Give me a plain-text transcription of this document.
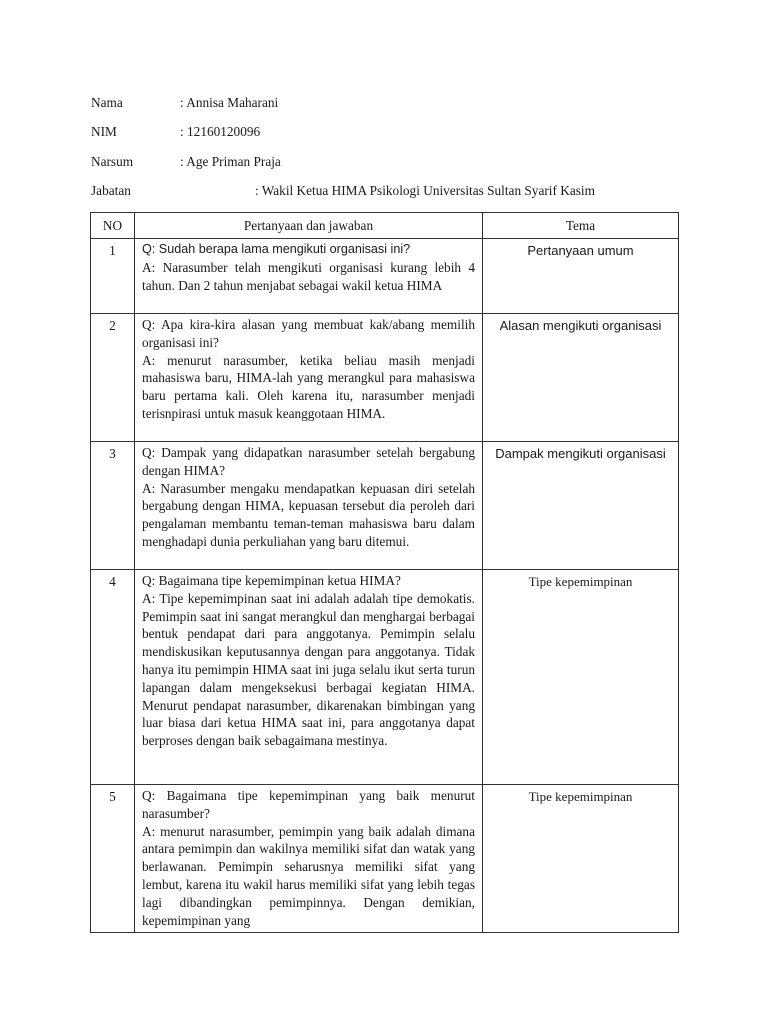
Nama	: Annisa Maharani
NIM	: 12160120096
Narsum	: Age Priman Praja
Jabatan	: Wakil Ketua HIMA Psikologi Universitas Sultan Syarif Kasim
NO	Pertanyaan dan jawaban	Tema
1	Q: Sudah berapa lama mengikuti organisasi ini?
A: Narasumber telah mengikuti organisasi kurang lebih 4 tahun. Dan 2 tahun menjabat sebagai wakil ketua HIMA	Pertanyaan umum
2	Q: Apa kira-kira alasan yang membuat kak/abang memilih organisasi ini?
A: menurut narasumber, ketika beliau masih menjadi mahasiswa baru, HIMA-lah yang merangkul para mahasiswa baru pertama kali. Oleh karena itu, narasumber menjadi terisnpirasi untuk masuk keanggotaan HIMA.	Alasan mengikuti organisasi
3	Q: Dampak yang didapatkan narasumber setelah bergabung dengan HIMA?
A: Narasumber mengaku mendapatkan kepuasan diri setelah bergabung dengan HIMA, kepuasan tersebut dia peroleh dari pengalaman membantu teman-teman mahasiswa baru dalam menghadapi dunia perkuliahan yang baru ditemui.	Dampak mengikuti organisasi
4	Q: Bagaimana tipe kepemimpinan ketua HIMA?
A: Tipe kepemimpinan saat ini adalah adalah tipe demokatis. Pemimpin saat ini sangat merangkul dan menghargai berbagai bentuk pendapat dari para anggotanya. Pemimpin selalu mendiskusikan keputusannya dengan para anggotanya. Tidak hanya itu pemimpin HIMA saat ini juga selalu ikut serta turun lapangan dalam mengeksekusi berbagai kegiatan HIMA. Menurut pendapat narasumber, dikarenakan bimbingan yang luar biasa dari ketua HIMA saat ini, para anggotanya dapat berproses dengan baik sebagaimana mestinya.	Tipe kepemimpinan
5	Q: Bagaimana tipe kepemimpinan yang baik menurut narasumber?
A: menurut narasumber, pemimpin yang baik adalah dimana antara pemimpin dan wakilnya memiliki sifat dan watak yang berlawanan. Pemimpin seharusnya memiliki sifat yang lembut, karena itu wakil harus memiliki sifat yang lebih tegas lagi dibandingkan pemimpinnya. Dengan demikian, kepemimpinan yang	Tipe kepemimpinan
